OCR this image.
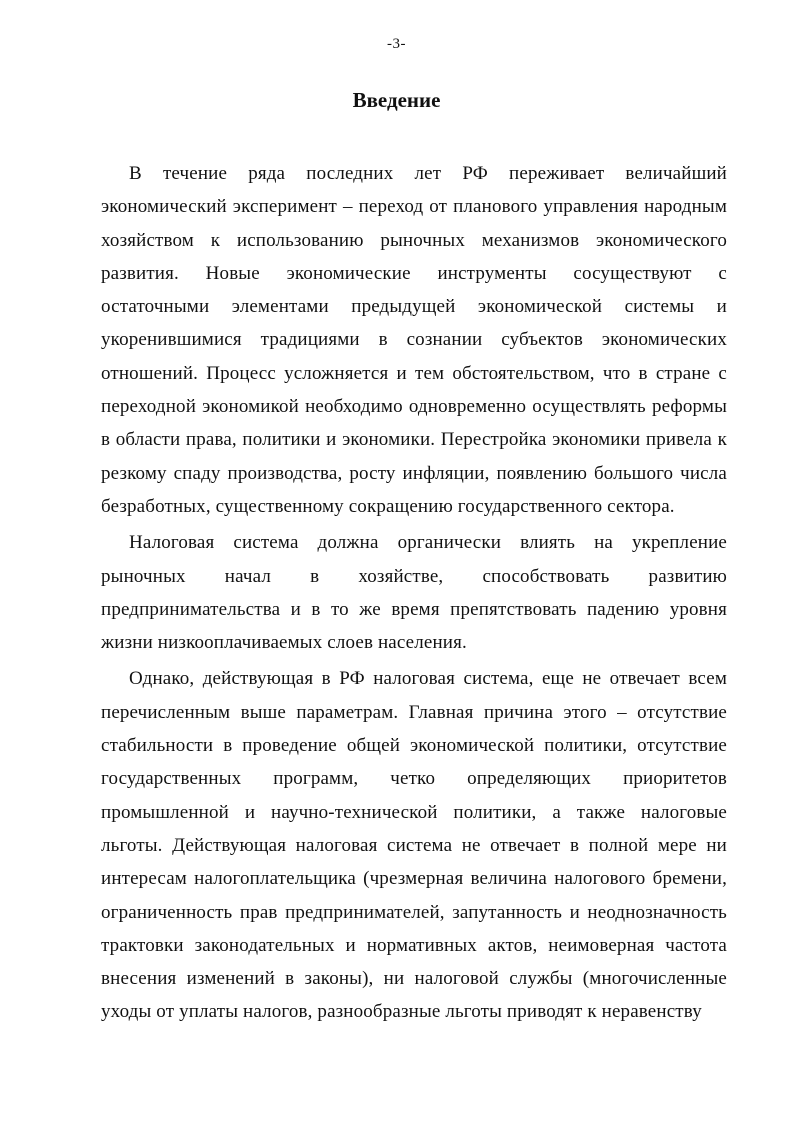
-3-
Введение

В течение ряда последних лет РФ переживает величайший экономический эксперимент – переход от планового управления народным хозяйством к использованию рыночных механизмов экономического развития. Новые экономические инструменты сосуществуют с остаточными элементами предыдущей экономической системы и укоренившимися традициями в сознании субъектов экономических отношений. Процесс усложняется и тем обстоятельством, что в стране с переходной экономикой необходимо одновременно осуществлять реформы в области права, политики и экономики. Перестройка экономики привела к резкому спаду производства, росту инфляции, появлению большого числа безработных, существенному сокращению государственного сектора.

Налоговая система должна органически влиять на укрепление рыночных начал в хозяйстве, способствовать развитию предпринимательства и в то же время препятствовать падению уровня жизни низкооплачиваемых слоев населения.

Однако, действующая в РФ налоговая система, еще не отвечает всем перечисленным выше параметрам. Главная причина этого – отсутствие стабильности в проведение общей экономической политики, отсутствие государственных программ, четко определяющих приоритетов промышленной и научно-технической политики, а также налоговые льготы. Действующая налоговая система не отвечает в полной мере ни интересам налогоплательщика (чрезмерная величина налогового бремени, ограниченность прав предпринимателей, запутанность и неоднозначность трактовки законодательных и нормативных актов, неимоверная частота внесения изменений в законы), ни налоговой службы (многочисленные уходы от уплаты налогов, разнообразные льготы приводят к неравенству
